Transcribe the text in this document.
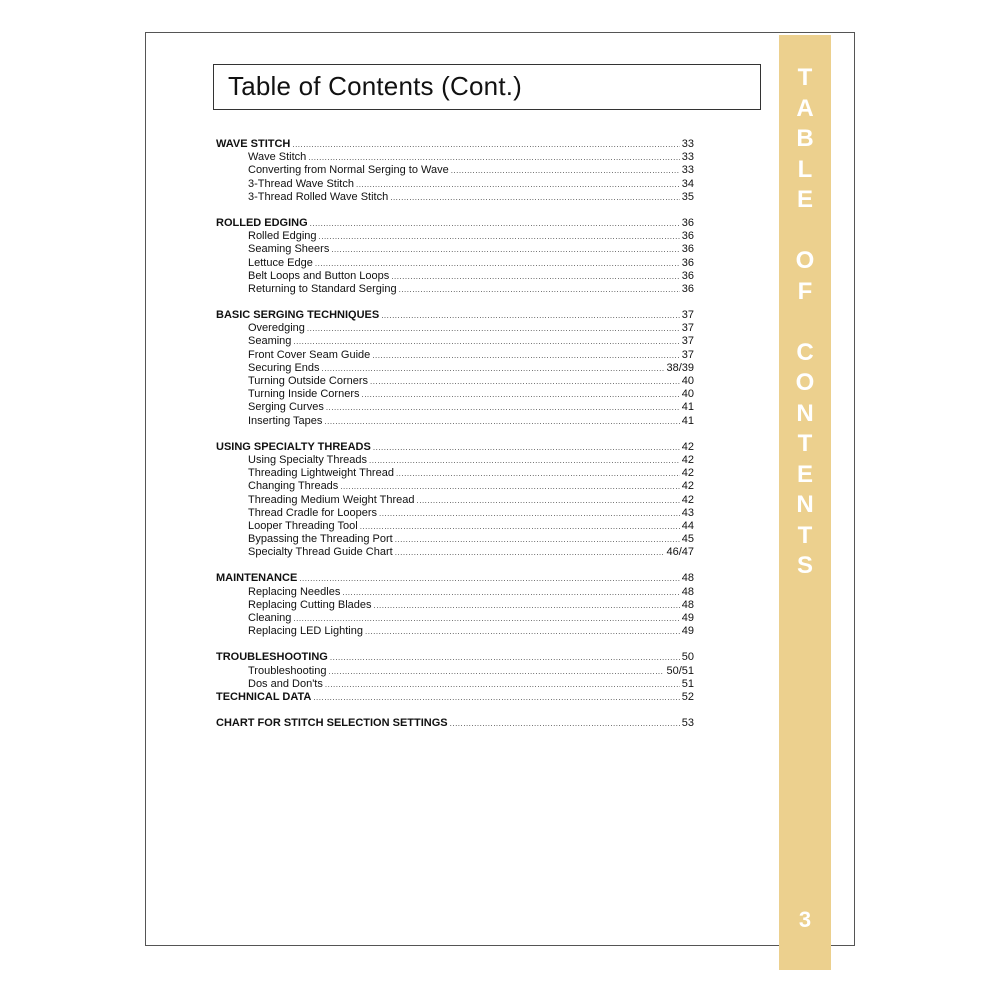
Table of Contents (Cont.)	T
A
B
L
E
O
F
C
O
N
T
E
N
T
S
3
WAVE STITCH .....	33
Wave Stitch .....	33
Converting from Normal Serging to Wave .....	33
3-Thread Wave Stitch .....	34
3-Thread Rolled Wave Stitch .....	35
ROLLED EDGING .....	36
Rolled Edging .....	36
Seaming Sheers .....	36
Lettuce Edge .....	36
Belt Loops and Button Loops .....	36
Returning to Standard Serging .....	36
BASIC SERGING TECHNIQUES .....	37
Overedging .....	37
Seaming .....	37
Front Cover Seam Guide .....	37
Securing Ends .....	38/39
Turning Outside Corners .....	40
Turning Inside Corners .....	40
Serging Curves .....	41
Inserting Tapes .....	41
USING SPECIALTY THREADS .....	42
Using Specialty Threads .....	42
Threading Lightweight Thread .....	42
Changing Threads .....	42
Threading Medium Weight Thread .....	42
Thread Cradle for Loopers .....	43
Looper Threading Tool .....	44
Bypassing the Threading Port .....	45
Specialty Thread Guide Chart .....	46/47
MAINTENANCE .....	48
Replacing Needles .....	48
Replacing Cutting Blades .....	48
Cleaning .....	49
Replacing LED Lighting .....	49
TROUBLESHOOTING .....	50
Troubleshooting .....	50/51
Dos and Don'ts .....	51
TECHNICAL DATA .....	52
CHART FOR STITCH SELECTION SETTINGS .....	53
